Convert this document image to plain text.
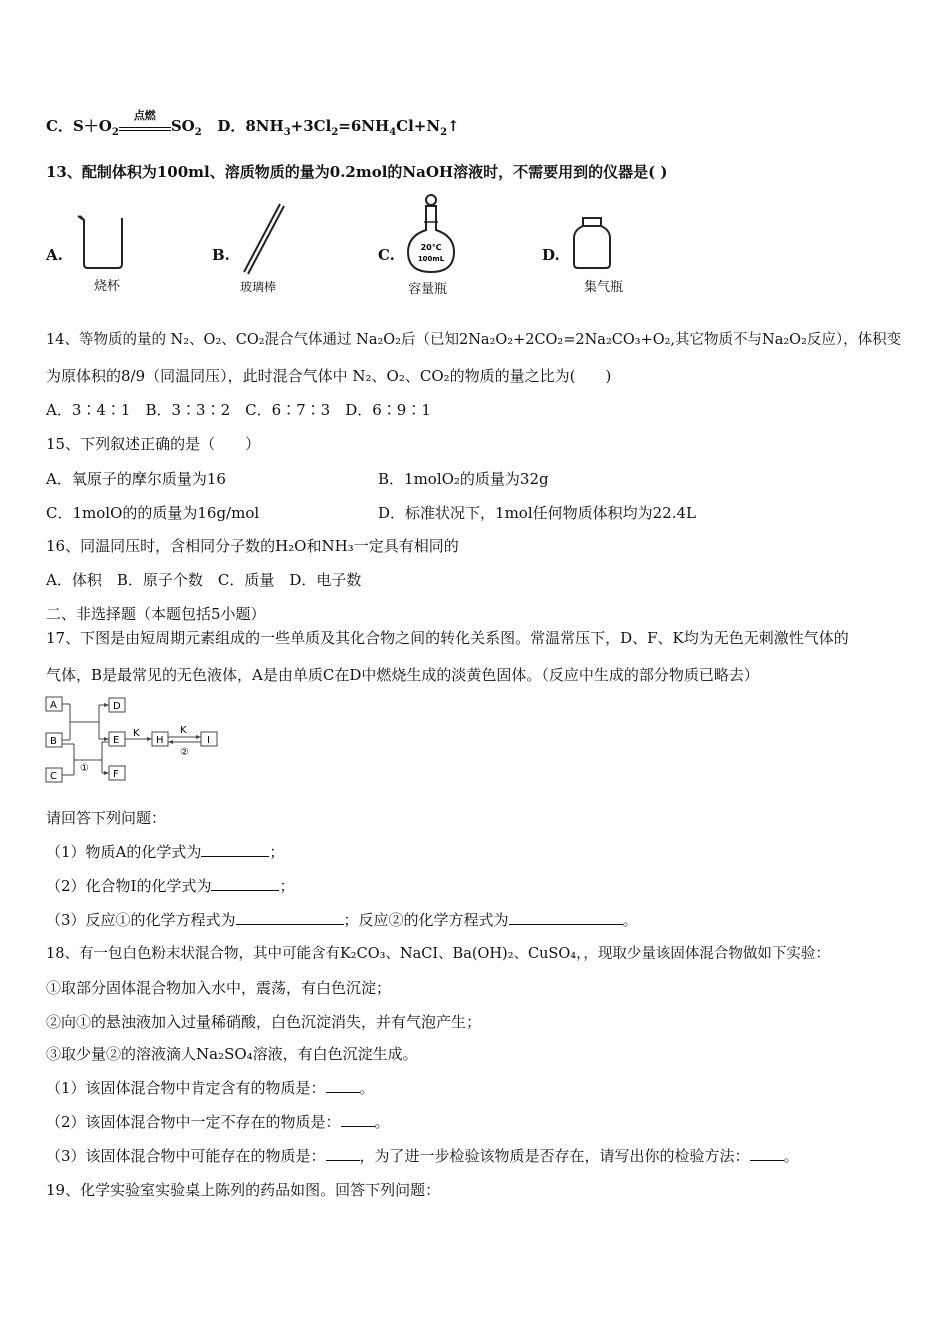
C．$S+O_2$
点燃
$SO_2$ D．$8NH_3+3Cl_2=6NH_4Cl+N_2↑$
13、配制体积为100ml、溶质物质的量为0.2mol的NaOH溶液时，不需要用到的仪器是( )
A.
烧杯
B.
玻璃棒
C.	20℃
100mL
容量瓶
D.
集气瓶
14、等物质的量的 N₂、O₂、CO₂混合气体通过 Na₂O₂后（已知2Na₂O₂+2CO₂=2Na₂CO₃+O₂,其它物质不与Na₂O₂反应），体积变
为原体积的8/9（同温同压），此时混合气体中 N₂、O₂、CO₂的物质的量之比为(　　)
A．3∶4∶1　B．3∶3∶2　C．6∶7∶3　D．6∶9∶1
15、下列叙述正确的是（　　）
A．氧原子的摩尔质量为16	B．1molO₂的质量为32g
C．1molO的的质量为16g/mol	D．标准状况下，1mol任何物质体积均为22.4L
16、同温同压时，含相同分子数的H₂O和NH₃一定具有相同的
A．体积　B．原子个数　C．质量　D．电子数
二、非选择题（本题包括5小题）
17、下图是由短周期元素组成的一些单质及其化合物之间的转化关系图。常温常压下，D、F、K均为无色无刺激性气体的
气体，B是最常见的无色液体，A是由单质C在D中燃烧生成的淡黄色固体。（反应中生成的部分物质已略去）
A
B
C
D
E
F
H	I
K	K
①
②
请回答下列问题：
（1）物质A的化学式为	；
（2）化合物I的化学式为	；
（3）反应①的化学方程式为	；反应②的化学方程式为	。
18、有一包白色粉末状混合物，其中可能含有K₂CO₃、NaCI、Ba(OH)₂、CuSO₄，，现取少量该固体混合物做如下实验：
①取部分固体混合物加入水中，震荡，有白色沉淀；
②向①的悬浊液加入过量稀硝酸，白色沉淀消失，并有气泡产生；
③取少量②的溶液滴人Na₂SO₄溶液，有白色沉淀生成。
（1）该固体混合物中肯定含有的物质是： 。
（2）该固体混合物中一定不存在的物质是： 。
（3）该固体混合物中可能存在的物质是： ，为了进一步检验该物质是否存在，请写出你的检验方法： 。
19、化学实验室实验桌上陈列的药品如图。回答下列问题：
